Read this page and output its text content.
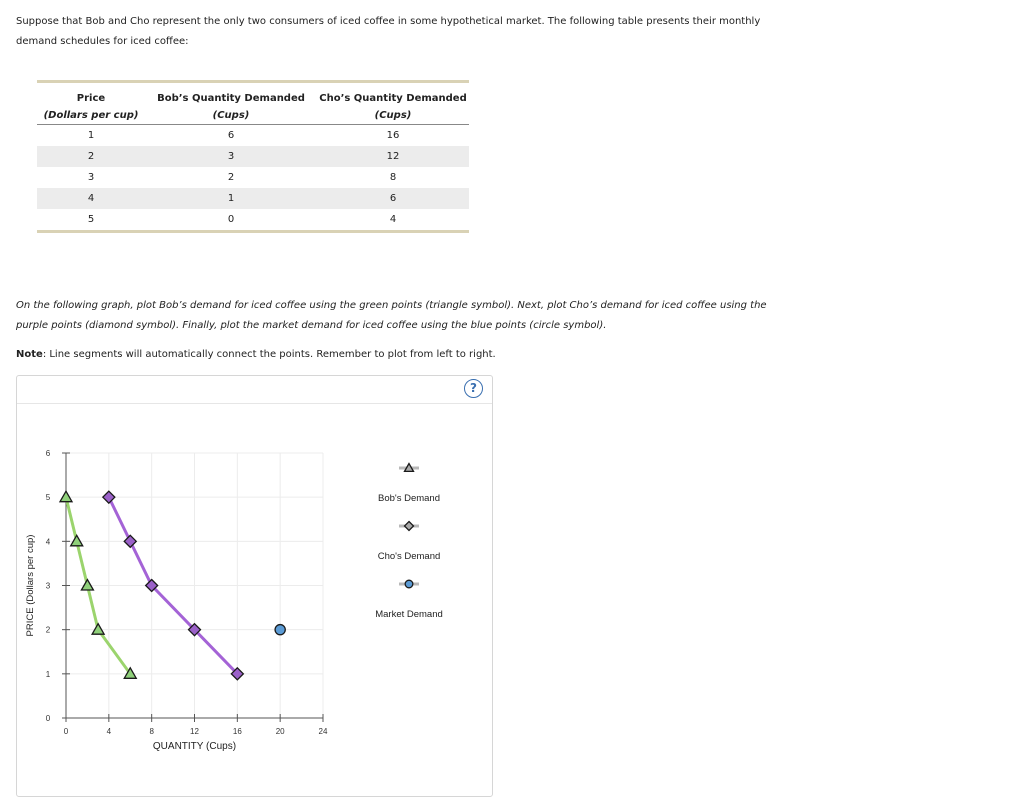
Suppose that Bob and Cho represent the only two consumers of iced coffee in some hypothetical market. The following table presents their monthly
demand schedules for iced coffee:
Price	Bob’s Quantity Demanded	Cho’s Quantity Demanded
(Dollars per cup)	(Cups)	(Cups)
1	6	16
2	3	12
3	2	8
4	1	6
5	0	4
On the following graph, plot Bob’s demand for iced coffee using the green points (triangle symbol). Next, plot Cho’s demand for iced coffee using the
purple points (diamond symbol). Finally, plot the market demand for iced coffee using the blue points (circle symbol).
Note: Line segments will automatically connect the points. Remember to plot from left to right.
?
0
1
2
3
4
5
6
0	4	8	12	16	20	24
QUANTITY (Cups)
PRICE (Dollars per cup)
Bob's Demand
Cho's Demand
Market Demand
